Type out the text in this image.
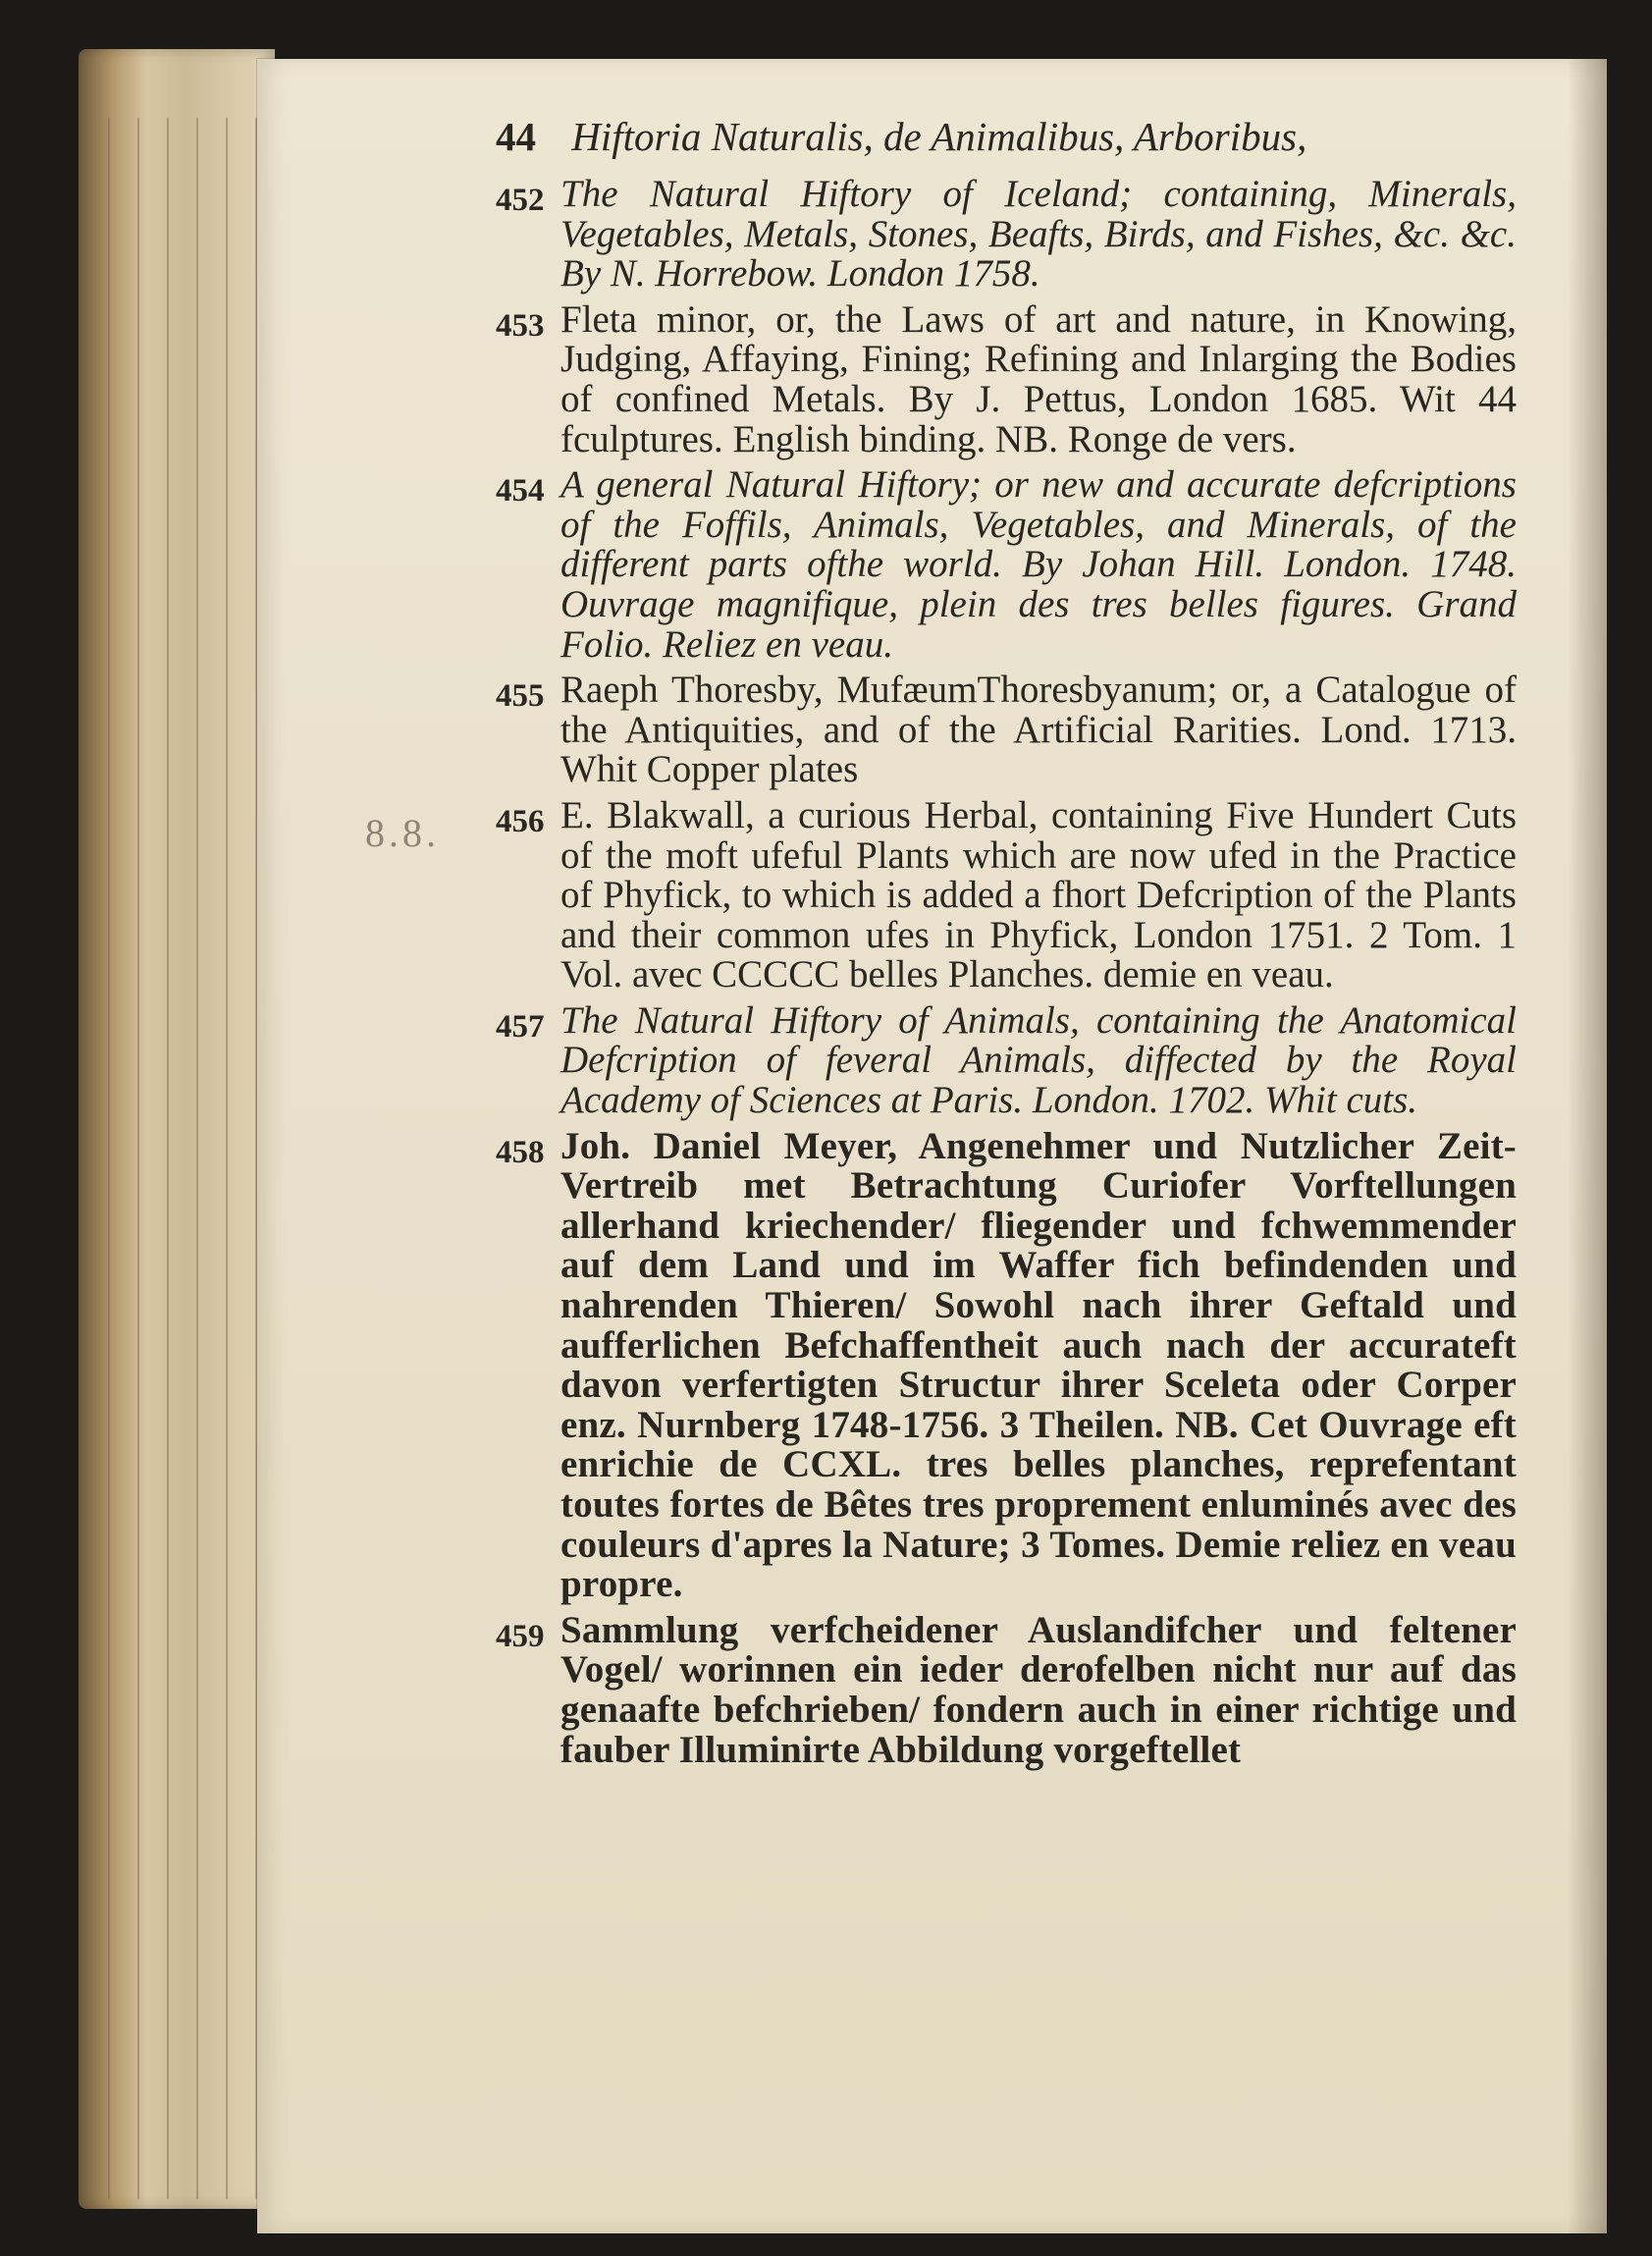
44 Hiftoria Naturalis, de Animalibus, Arboribus,
8.8.
452 The Natural Hiftory of Iceland; containing, Minerals, Vegetables, Metals, Stones, Beafts, Birds, and Fishes, &c. &c. By N. Horrebow. London 1758.
453 Fleta minor, or, the Laws of art and nature, in Knowing, Judging, Affaying, Fining; Refining and Inlarging the Bodies of confined Metals. By J. Pettus, London 1685. Wit 44 fculptures. English binding. NB. Ronge de vers.
454 A general Natural Hiftory; or new and accurate defcriptions of the Foffils, Animals, Vegetables, and Minerals, of the different parts ofthe world. By Johan Hill. London. 1748. Ouvrage magnifique, plein des tres belles figures. Grand Folio. Reliez en veau.
455 Raeph Thoresby, MufæumThoresbyanum; or, a Catalogue of the Antiquities, and of the Artificial Rarities. Lond. 1713. Whit Copper plates
456 E. Blakwall, a curious Herbal, containing Five Hundert Cuts of the moft ufeful Plants which are now ufed in the Practice of Phyfick, to which is added a fhort Defcription of the Plants and their common ufes in Phyfick, London 1751. 2 Tom. 1 Vol. avec CCCCC belles Planches. demie en veau.
457 The Natural Hiftory of Animals, containing the Anatomical Defcription of feveral Animals, diffected by the Royal Academy of Sciences at Paris. London. 1702. Whit cuts.
458 Joh. Daniel Meyer, Angenehmer und Nutzlicher Zeit-Vertreib met Betrachtung Curiofer Vorftellungen allerhand kriechender/ fliegender und fchwemmender auf dem Land und im Waffer fich befindenden und nahrenden Thieren/ Sowohl nach ihrer Geftald und aufferlichen Befchaffentheit auch nach der accurateft davon verfertigten Structur ihrer Sceleta oder Corper enz. Nurnberg 1748-1756. 3 Theilen. NB. Cet Ouvrage eft enrichie de CCXL. tres belles planches, reprefentant toutes fortes de Bêtes tres proprement enluminés avec des couleurs d'apres la Nature; 3 Tomes. Demie reliez en veau propre.
459 Sammlung verfcheidener Auslandifcher und feltener Vogel/ worinnen ein ieder derofelben nicht nur auf das genaafte befchrieben/ fondern auch in einer richtige und fauber Illuminirte Abbildung vorgeftellet
